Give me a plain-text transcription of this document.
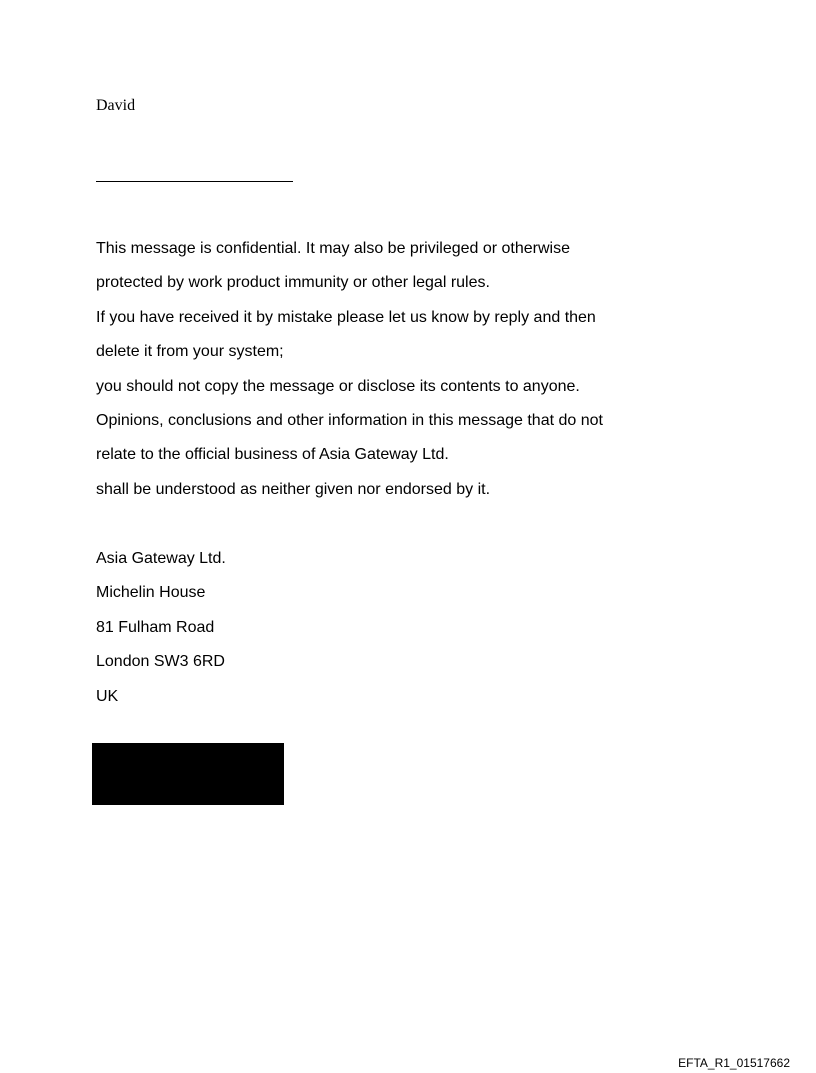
David
This message is confidential. It may also be privileged or otherwise
protected by work product immunity or other legal rules.
If you have received it by mistake please let us know by reply and then
delete it from your system;
you should not copy the message or disclose its contents to anyone.
Opinions, conclusions and other information in this message that do not
relate to the official business of Asia Gateway Ltd.
shall be understood as neither given nor endorsed by it.
Asia Gateway Ltd.
Michelin House
81 Fulham Road
London SW3 6RD
UK
EFTA_R1_01517662
